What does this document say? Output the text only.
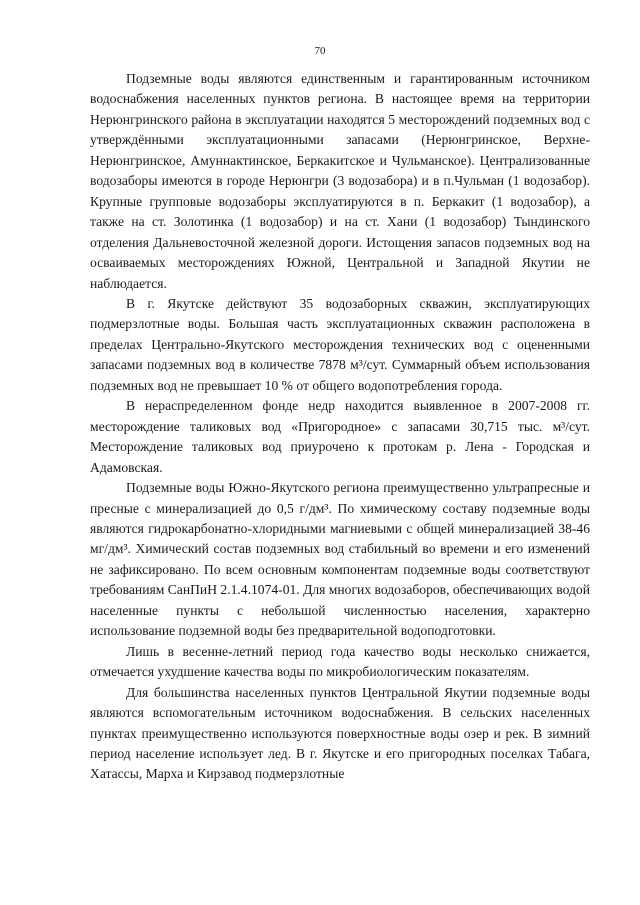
70

Подземные воды являются единственным и гарантированным источником водоснабжения населенных пунктов региона. В настоящее время на территории Нерюнгринского района в эксплуатации находятся 5 месторождений подземных вод с утверждёнными эксплуатационными запасами (Нерюнгринское, Верхне-Нерюнгринское, Амуннактинское, Беркакитское и Чульманское). Централизованные водозаборы имеются в городе Нерюнгри (3 водозабора) и в п.Чульман (1 водозабор). Крупные групповые водозаборы эксплуатируются в п. Беркакит (1 водозабор), а также на ст. Золотинка (1 водозабор) и на ст. Хани (1 водозабор) Тындинского отделения Дальневосточной железной дороги. Истощения запасов подземных вод на осваиваемых месторождениях Южной, Центральной и Западной Якутии не наблюдается.

В г. Якутске действуют 35 водозаборных скважин, эксплуатирующих подмерзлотные воды. Большая часть эксплуатационных скважин расположена в пределах Центрально-Якутского месторождения технических вод с оцененными запасами подземных вод в количестве 7878 м³/сут. Суммарный объем использования подземных вод не превышает 10 % от общего водопотребления города.

В нераспределенном фонде недр находится выявленное в 2007-2008 гг. месторождение таликовых вод «Пригородное» с запасами 30,715 тыс. м³/сут. Месторождение таликовых вод приурочено к протокам р. Лена - Городская и Адамовская.

Подземные воды Южно-Якутского региона преимущественно ультрапресные и пресные с минерализацией до 0,5 г/дм³. По химическому составу подземные воды являются гидрокарбонатно-хлоридными магниевыми с общей минерализацией 38-46 мг/дм³. Химический состав подземных вод стабильный во времени и его изменений не зафиксировано. По всем основным компонентам подземные воды соответствуют требованиям СанПиН 2.1.4.1074-01. Для многих водозаборов, обеспечивающих водой населенные пункты с небольшой численностью населения, характерно использование подземной воды без предварительной водоподготовки.

Лишь в весенне-летний период года качество воды несколько снижается, отмечается ухудшение качества воды по микробиологическим показателям.

Для большинства населенных пунктов Центральной Якутии подземные воды являются вспомогательным источником водоснабжения. В сельских населенных пунктах преимущественно используются поверхностные воды озер и рек. В зимний период население использует лед. В г. Якутске и его пригородных поселках Табага, Хатассы, Марха и Кирзавод подмерзлотные
